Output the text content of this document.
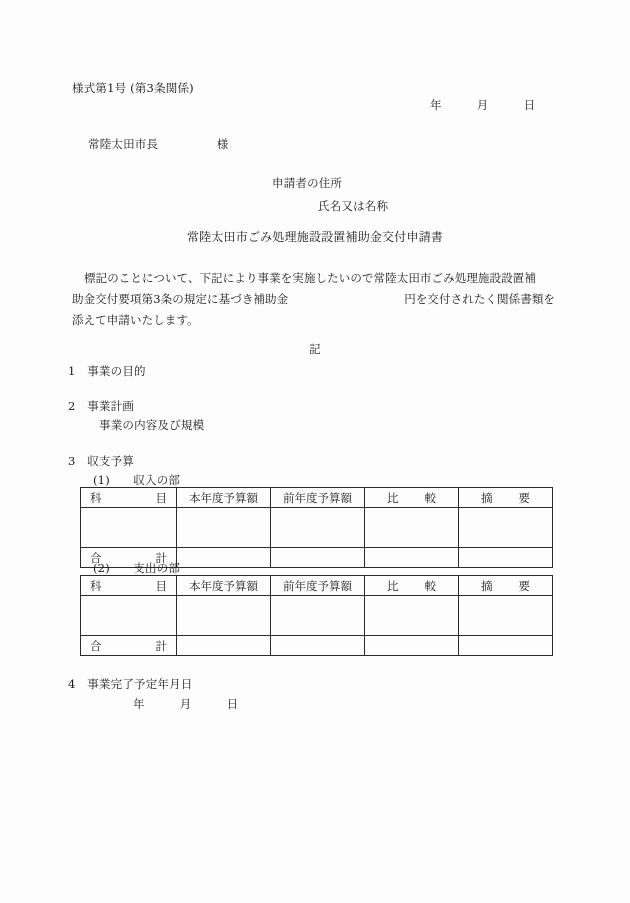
様式第1号 (第3条関係)
年　　　月　　　日
常陸太田市長　　　　　様
申請者の住所
氏名又は名称
常陸太田市ごみ処理施設設置補助金交付申請書
標記のことについて、下記により事業を実施したいので常陸太田市ごみ処理施設設置補
助金交付要項第3条の規定に基づき補助金　　　　　　　　　　	円を交付されたく関係書類を
添えて申請いたします。
記
1　事業の目的
2　事業計画
事業の内容及び規模
3　収支予算
(1)　　収入の部
科 目	本年度予算額	前年度予算額	比 較	摘 要

合 計				

(2)　　支出の部
科 目	本年度予算額	前年度予算額	比 較	摘 要

合 計				

4　事業完了予定年月日
年　　　月　　　日
